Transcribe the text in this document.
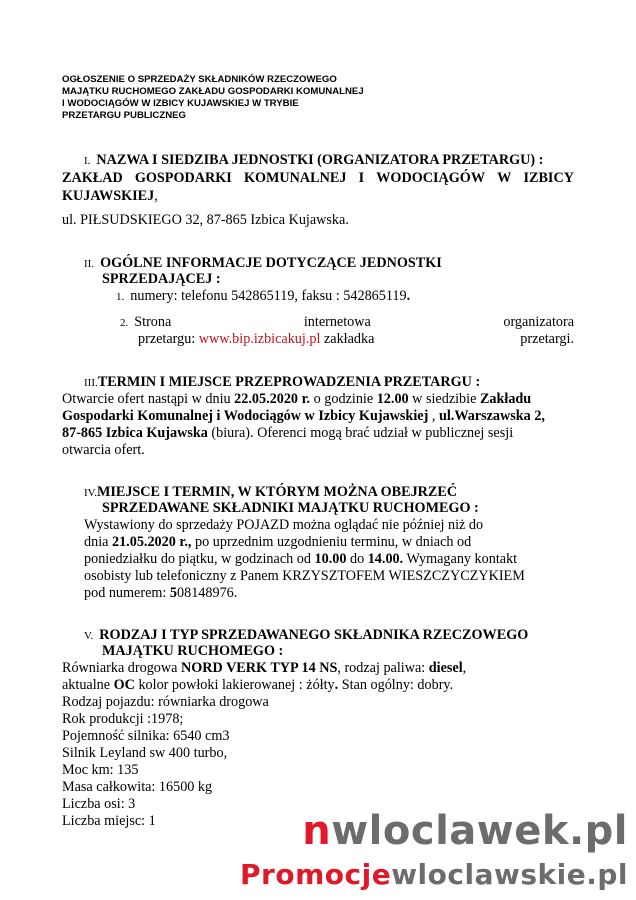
OGŁOSZENIE O SPRZEDAŻY SKŁADNIKÓW RZECZOWEGO
MAJĄTKU RUCHOMEGO ZAKŁADU GOSPODARKI KOMUNALNEJ
I WODOCIĄGÓW W IZBICY KUJAWSKIEJ W TRYBIE
PRZETARGU PUBLICZNEG
I. NAZWA I SIEDZIBA JEDNOSTKI (ORGANIZATORA PRZETARGU) :
ZAKŁAD GOSPODARKI KOMUNALNEJ I WODOCIĄGÓW W IZBICY
KUJAWSKIEJ,
ul. PIŁSUDSKIEGO 32, 87-865 Izbica Kujawska.
II. OGÓLNE INFORMACJE DOTYCZĄCE JEDNOSTKI
SPRZEDAJĄCEJ :
1. numery: telefonu 542865119, faksu : 542865119.
2. Strona	internetowa	organizatora
przetargu: www.bip.izbicakuj.pl zakładka	przetargi.
III.TERMIN I MIEJSCE PRZEPROWADZENIA PRZETARGU :
Otwarcie ofert nastąpi w dniu 22.05.2020 r. o godzinie 12.00 w siedzibie Zakładu
Gospodarki Komunalnej i Wodociągów w Izbicy Kujawskiej , ul.Warszawska 2,
87-865 Izbica Kujawska (biura). Oferenci mogą brać udział w publicznej sesji
otwarcia ofert.
IV.MIEJSCE I TERMIN, W KTÓRYM MOŻNA OBEJRZEĆ
SPRZEDAWANE SKŁADNIKI MAJĄTKU RUCHOMEGO :
Wystawiony do sprzedaży POJAZD można oglądać nie później niż do
dnia 21.05.2020 r., po uprzednim uzgodnieniu terminu, w dniach od
poniedziałku do piątku, w godzinach od 10.00 do 14.00. Wymagany kontakt
osobisty lub telefoniczny z Panem KRZYSZTOFEM WIESZCZYCZYKIEM
pod numerem: 508148976.
V. RODZAJ I TYP SPRZEDAWANEGO SKŁADNIKA RZECZOWEGO
MAJĄTKU RUCHOMEGO :
Równiarka drogowa NORD VERK TYP 14 NS, rodzaj paliwa: diesel,
aktualne OC kolor powłoki lakierowanej : żółty. Stan ogólny: dobry.
Rodzaj pojazdu: równiarka drogowa
Rok produkcji :1978;
Pojemność silnika: 6540 cm3
Silnik Leyland sw 400 turbo,
Moc km: 135
Masa całkowita: 16500 kg
Liczba osi: 3
Liczba miejsc: 1	nwloclawek.pl
Promocjewloclawskie.pl
